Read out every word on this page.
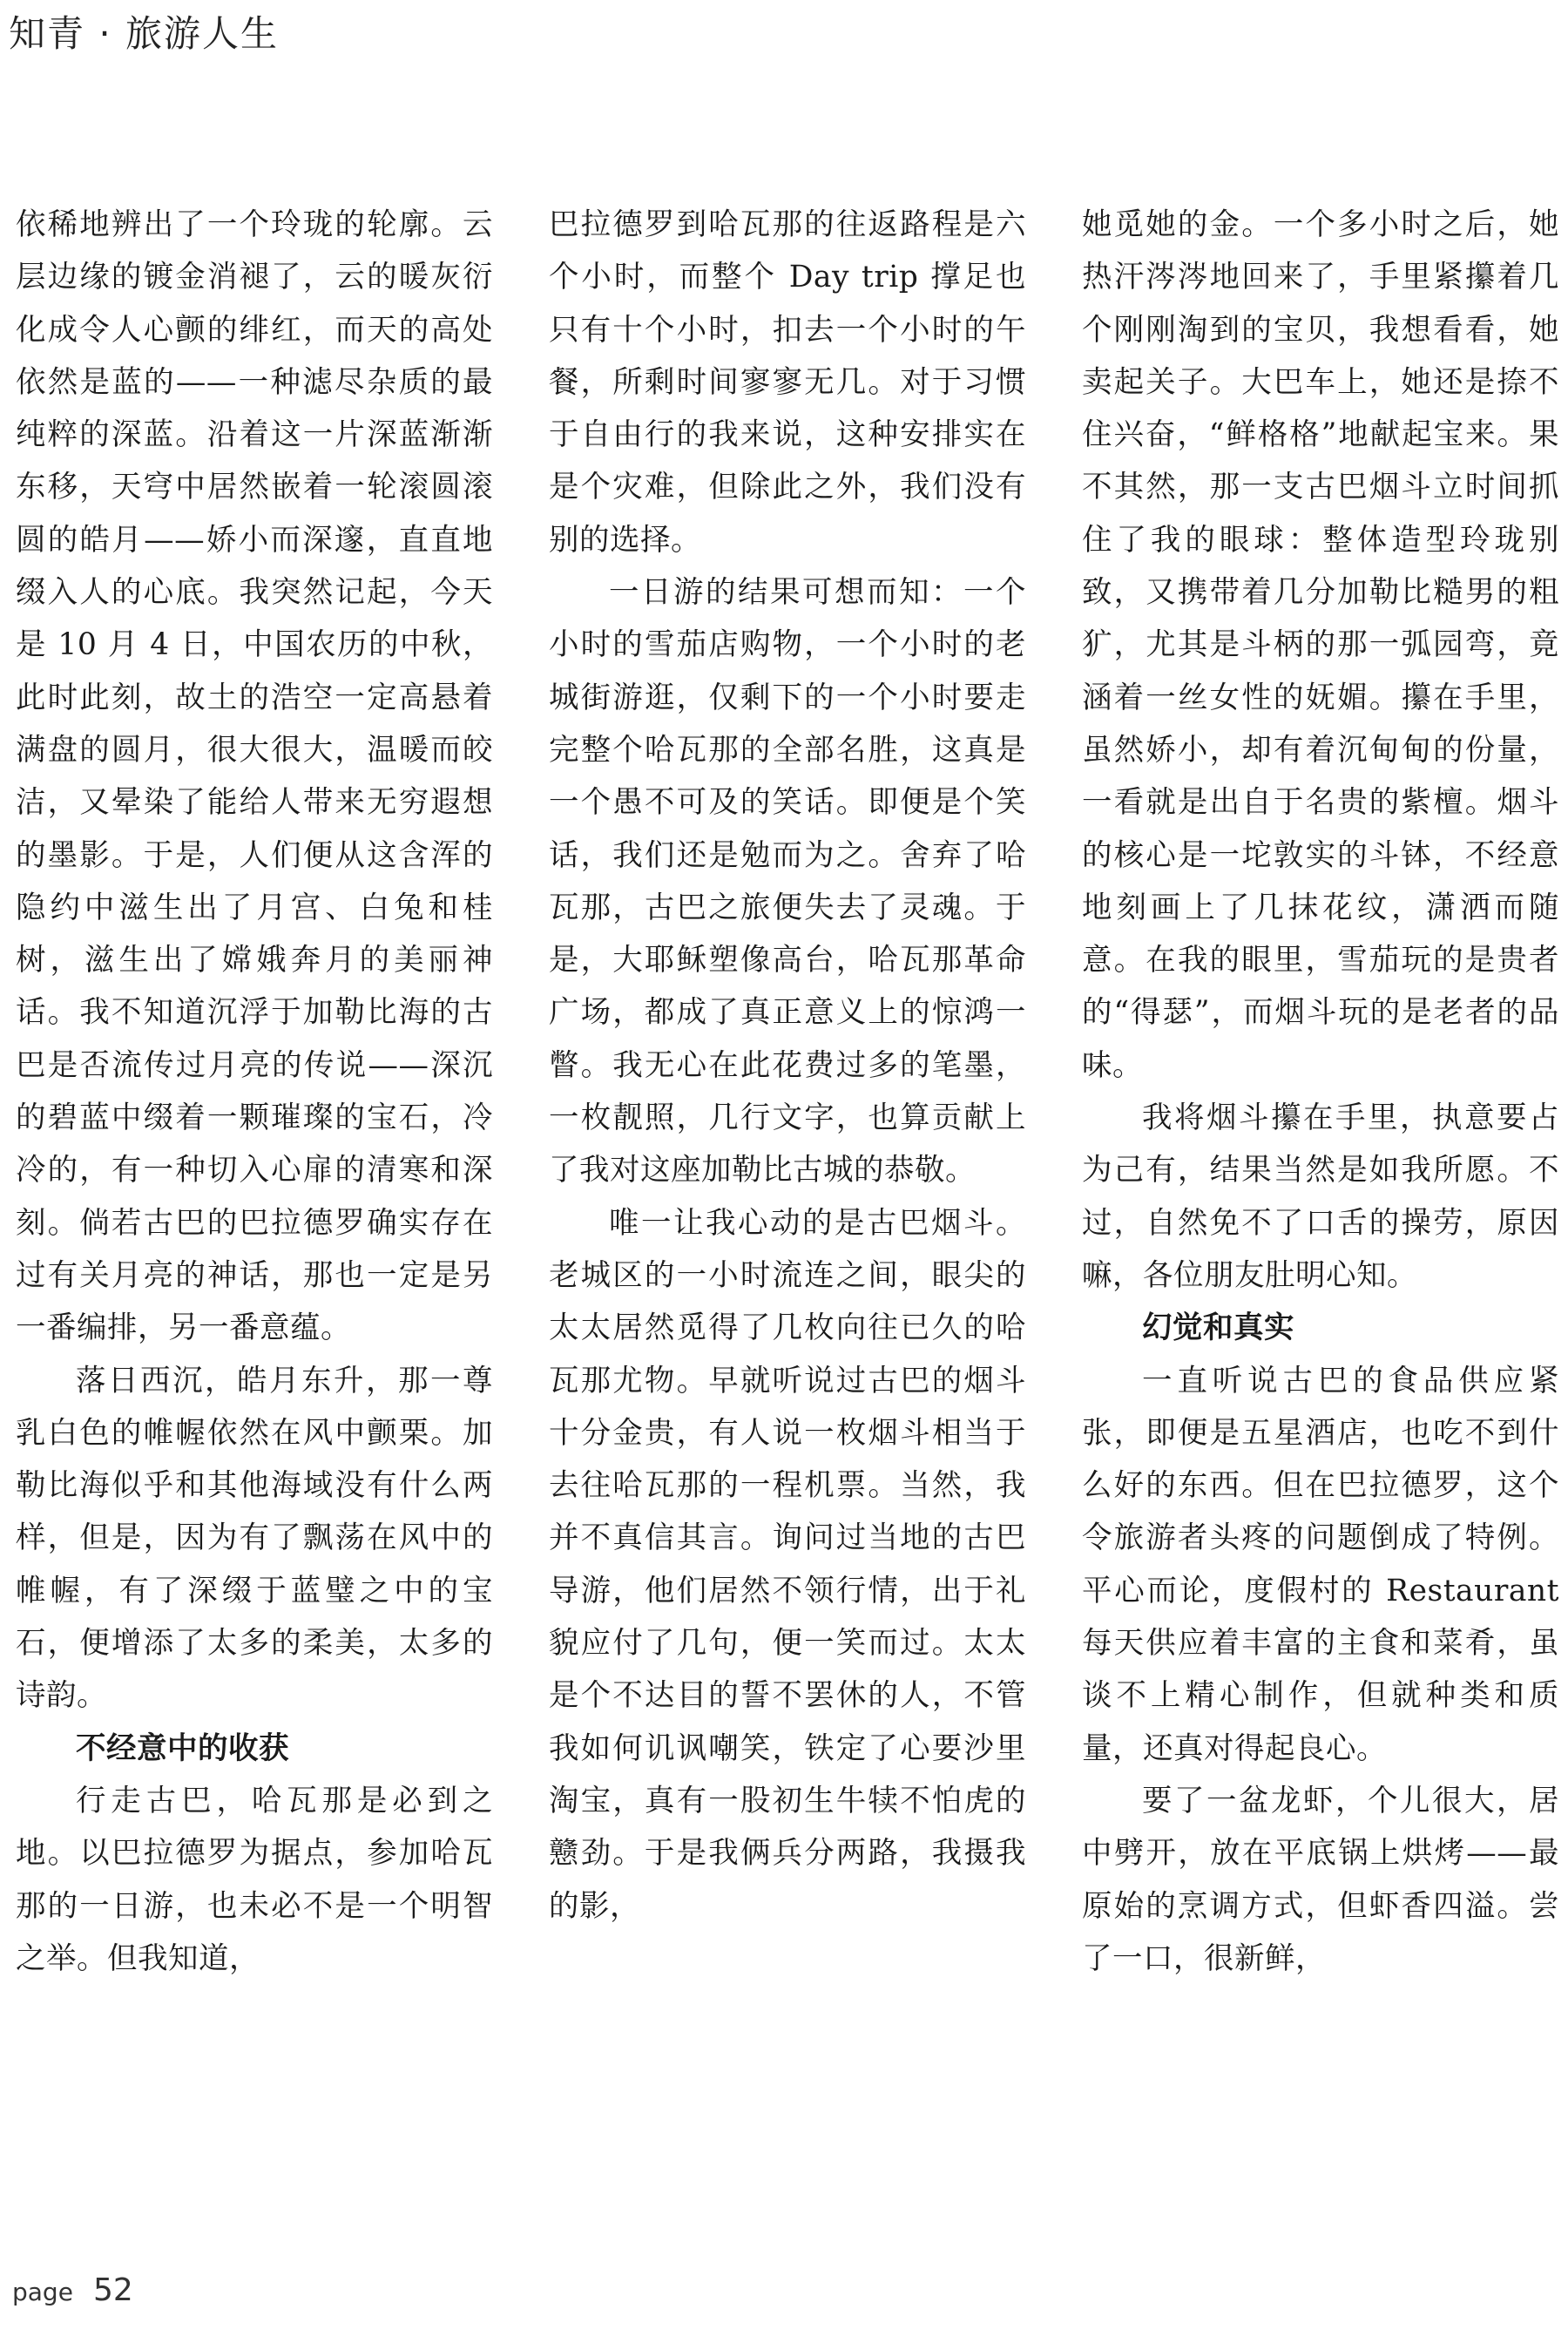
知青 · 旅游人生

依稀地辨出了一个玲珑的轮廓。云层边缘的镀金消褪了，云的暖灰衍化成令人心颤的绯红，而天的高处依然是蓝的——一种滤尽杂质的最纯粹的深蓝。沿着这一片深蓝渐渐东移，天穹中居然嵌着一轮滚圆滚圆的皓月——娇小而深邃，直直地缀入人的心底。我突然记起，今天是 10 月 4 日，中国农历的中秋， 此时此刻，故土的浩空一定高悬着满盘的圆月，很大很大，温暖而皎洁，又晕染了能给人带来无穷遐想的墨影。于是，人们便从这含浑的隐约中滋生出了月宫、白兔和桂树，滋生出了嫦娥奔月的美丽神话。我不知道沉浮于加勒比海的古巴是否流传过月亮的传说——深沉的碧蓝中缀着一颗璀璨的宝石，冷冷的，有一种切入心扉的清寒和深刻。倘若古巴的巴拉德罗确实存在过有关月亮的神话，那也一定是另一番编排，另一番意蕴。

落日西沉，皓月东升，那一尊乳白色的帷幄依然在风中颤栗。加勒比海似乎和其他海域没有什么两样，但是，因为有了飘荡在风中的帷幄，有了深缀于蓝璧之中的宝石，便增添了太多的柔美，太多的诗韵。

不经意中的收获

行走古巴，哈瓦那是必到之地。以巴拉德罗为据点，参加哈瓦那的一日游，也未必不是一个明智之举。但我知道，

巴拉德罗到哈瓦那的往返路程是六个小时，而整个 Day trip 撑足也只有十个小时，扣去一个小时的午餐，所剩时间寥寥无几。对于习惯于自由行的我来说，这种安排实在是个灾难，但除此之外，我们没有别的选择。

一日游的结果可想而知：一个小时的雪茄店购物，一个小时的老城街游逛，仅剩下的一个小时要走完整个哈瓦那的全部名胜，这真是一个愚不可及的笑话。即便是个笑话，我们还是勉而为之。舍弃了哈瓦那，古巴之旅便失去了灵魂。于是，大耶稣塑像高台，哈瓦那革命广场，都成了真正意义上的惊鸿一瞥。我无心在此花费过多的笔墨，一枚靓照，几行文字，也算贡献上了我对这座加勒比古城的恭敬。

唯一让我心动的是古巴烟斗。老城区的一小时流连之间，眼尖的太太居然觅得了几枚向往已久的哈瓦那尤物。早就听说过古巴的烟斗十分金贵，有人说一枚烟斗相当于去往哈瓦那的一程机票。当然，我并不真信其言。询问过当地的古巴导游，他们居然不领行情，出于礼貌应付了几句，便一笑而过。太太是个不达目的誓不罢休的人，不管我如何讥讽嘲笑，铁定了心要沙里淘宝，真有一股初生牛犊不怕虎的戆劲。于是我俩兵分两路，我摄我的影，

她觅她的金。一个多小时之后，她热汗涔涔地回来了，手里紧攥着几个刚刚淘到的宝贝，我想看看，她卖起关子。大巴车上，她还是捺不住兴奋，“鲜格格”地献起宝来。果不其然，那一支古巴烟斗立时间抓住了我的眼球：整体造型玲珑别致，又携带着几分加勒比糙男的粗犷，尤其是斗柄的那一弧园弯，竟涵着一丝女性的妩媚。攥在手里，虽然娇小，却有着沉甸甸的份量，一看就是出自于名贵的紫檀。烟斗的核心是一坨敦实的斗钵，不经意地刻画上了几抹花纹，潇洒而随意。在我的眼里，雪茄玩的是贵者的“得瑟”，而烟斗玩的是老者的品味。

我将烟斗攥在手里，执意要占为己有，结果当然是如我所愿。不过，自然免不了口舌的操劳，原因嘛，各位朋友肚明心知。

幻觉和真实

一直听说古巴的食品供应紧张，即便是五星酒店，也吃不到什么好的东西。但在巴拉德罗，这个令旅游者头疼的问题倒成了特例。平心而论，度假村的 Restaurant 每天供应着丰富的主食和菜肴，虽谈不上精心制作，但就种类和质量，还真对得起良心。

要了一盆龙虾，个儿很大，居中劈开，放在平底锅上烘烤——最原始的烹调方式，但虾香四溢。尝了一口，很新鲜，

page 52
